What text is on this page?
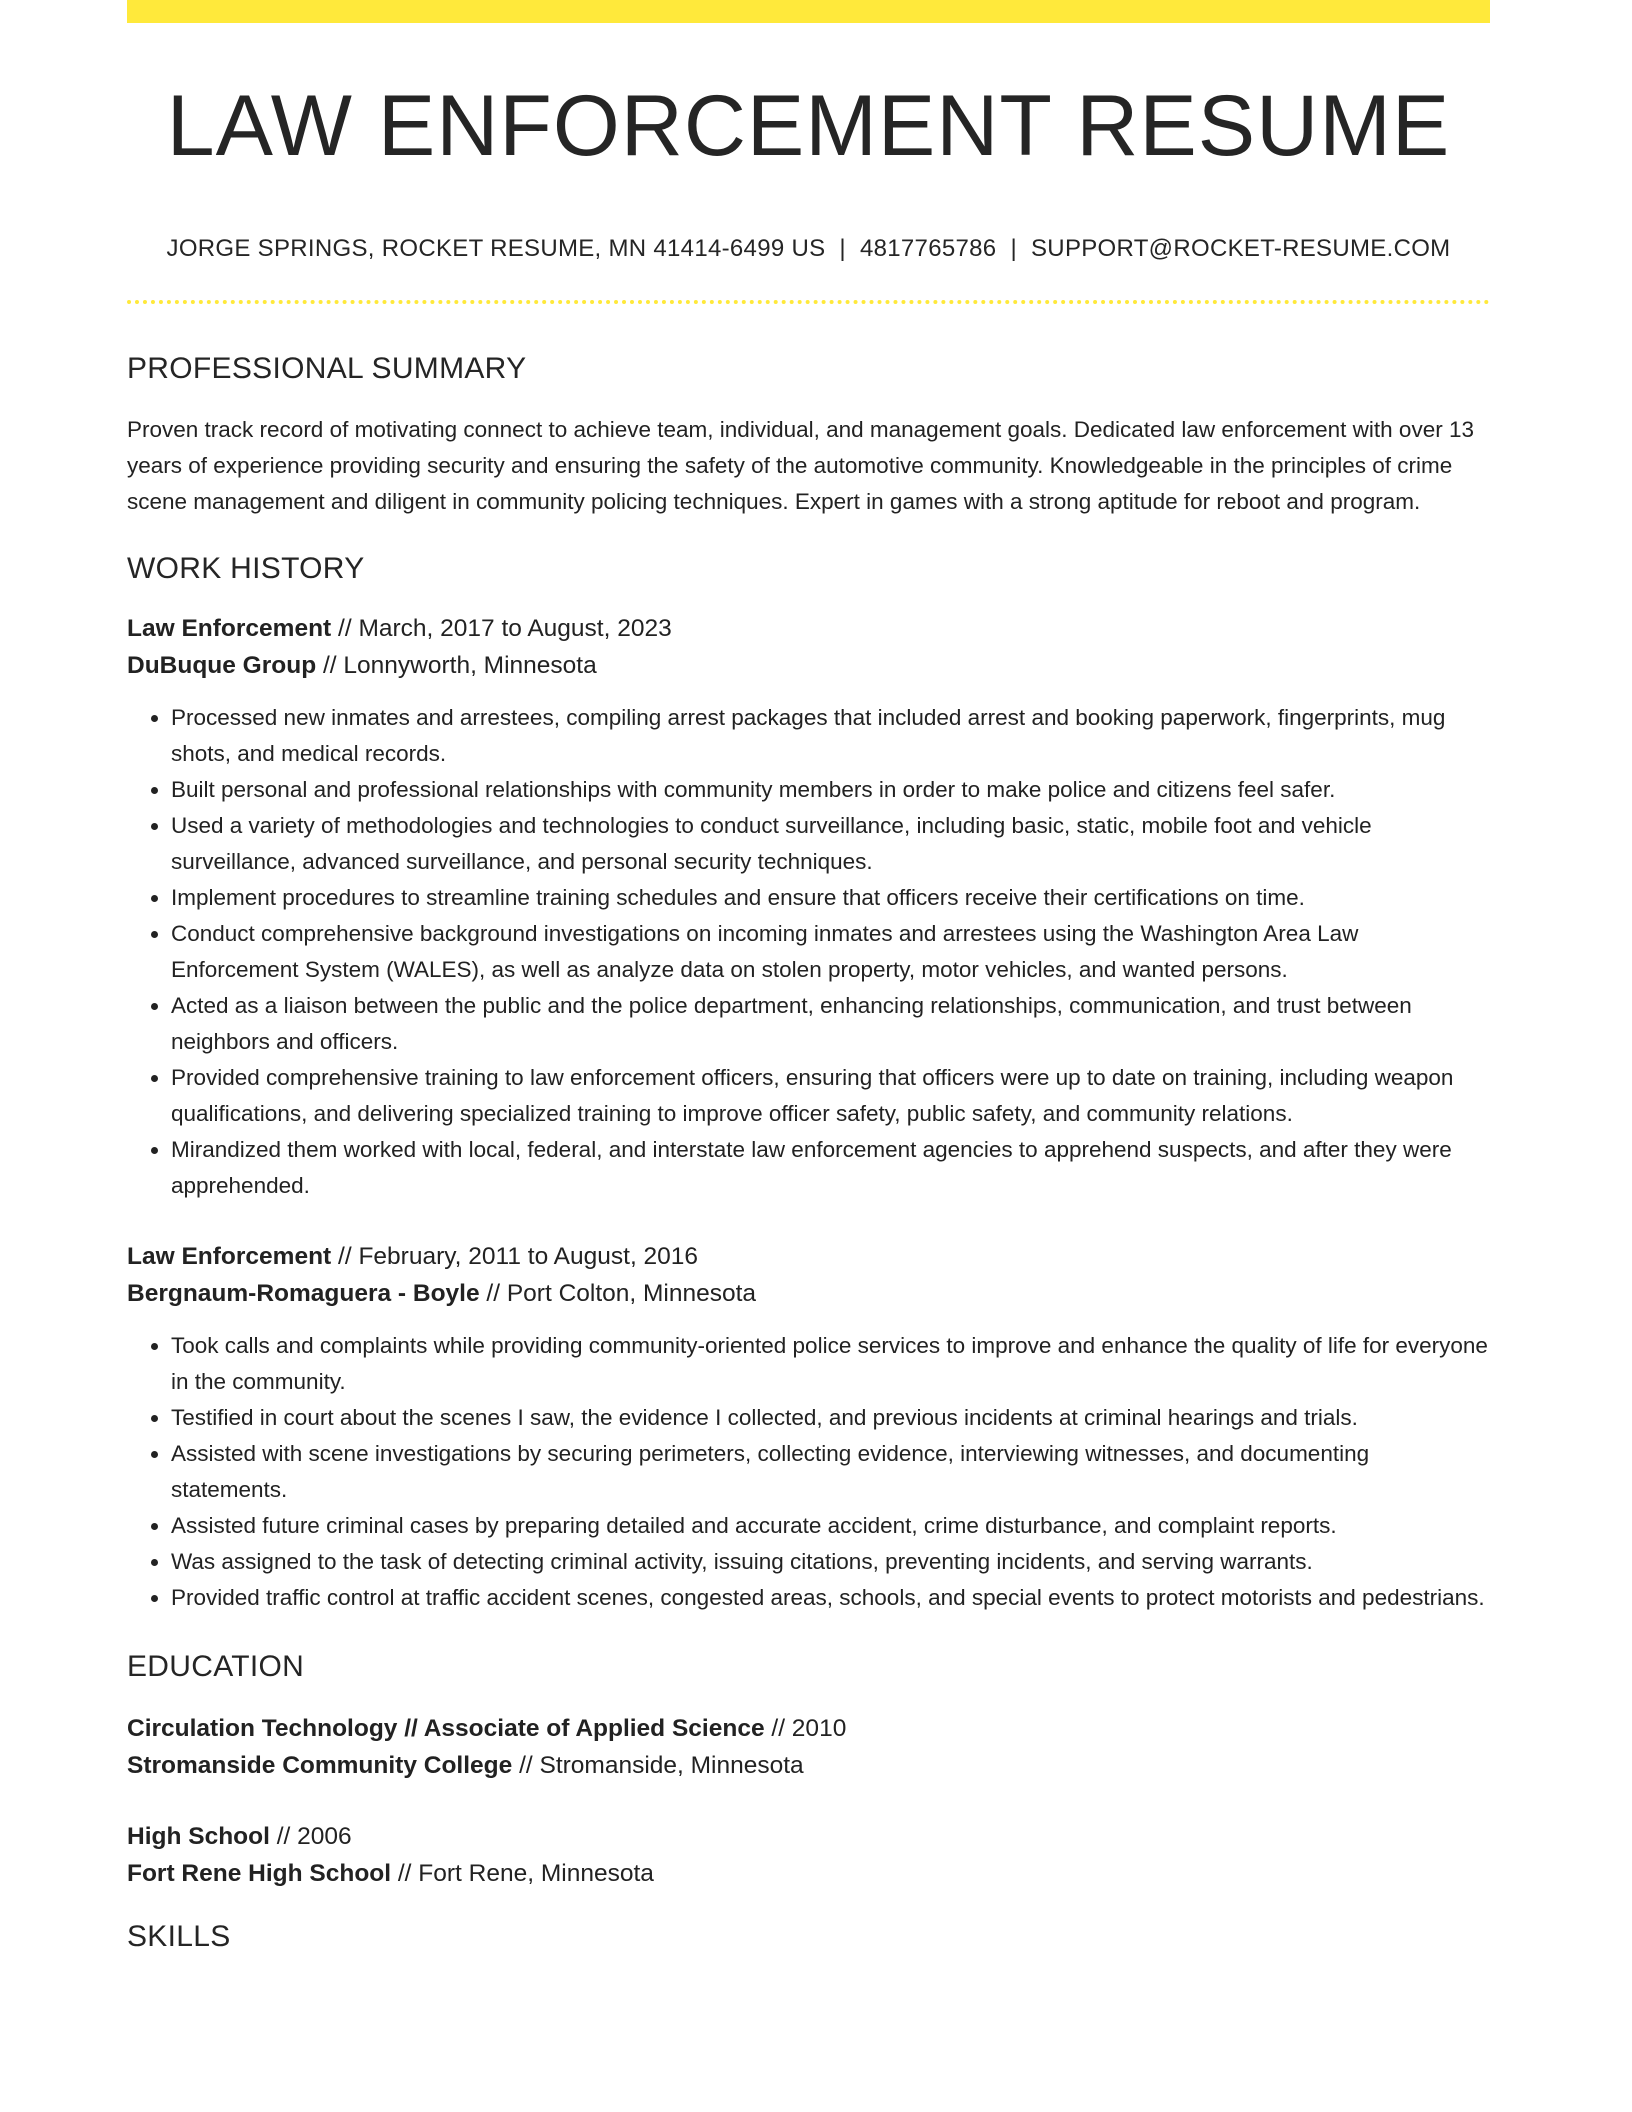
LAW ENFORCEMENT RESUME
JORGE SPRINGS, ROCKET RESUME, MN 41414-6499 US | 4817765786 | SUPPORT@ROCKET-RESUME.COM
PROFESSIONAL SUMMARY

Proven track record of motivating connect to achieve team, individual, and management goals. Dedicated law enforcement with over 13 years of experience providing security and ensuring the safety of the automotive community. Knowledgeable in the principles of crime scene management and diligent in community policing techniques. Expert in games with a strong aptitude for reboot and program.

WORK HISTORY
Law Enforcement // March, 2017 to August, 2023
DuBuque Group // Lonnyworth, Minnesota
• Processed new inmates and arrestees, compiling arrest packages that included arrest and booking paperwork, fingerprints, mug shots, and medical records.
• Built personal and professional relationships with community members in order to make police and citizens feel safer.
• Used a variety of methodologies and technologies to conduct surveillance, including basic, static, mobile foot and vehicle surveillance, advanced surveillance, and personal security techniques.
• Implement procedures to streamline training schedules and ensure that officers receive their certifications on time.
• Conduct comprehensive background investigations on incoming inmates and arrestees using the Washington Area Law Enforcement System (WALES), as well as analyze data on stolen property, motor vehicles, and wanted persons.
• Acted as a liaison between the public and the police department, enhancing relationships, communication, and trust between neighbors and officers.
• Provided comprehensive training to law enforcement officers, ensuring that officers were up to date on training, including weapon qualifications, and delivering specialized training to improve officer safety, public safety, and community relations.
• Mirandized them worked with local, federal, and interstate law enforcement agencies to apprehend suspects, and after they were apprehended.
Law Enforcement // February, 2011 to August, 2016
Bergnaum-Romaguera - Boyle // Port Colton, Minnesota
• Took calls and complaints while providing community-oriented police services to improve and enhance the quality of life for everyone in the community.
• Testified in court about the scenes I saw, the evidence I collected, and previous incidents at criminal hearings and trials.
• Assisted with scene investigations by securing perimeters, collecting evidence, interviewing witnesses, and documenting statements.
• Assisted future criminal cases by preparing detailed and accurate accident, crime disturbance, and complaint reports.
• Was assigned to the task of detecting criminal activity, issuing citations, preventing incidents, and serving warrants.
• Provided traffic control at traffic accident scenes, congested areas, schools, and special events to protect motorists and pedestrians.
EDUCATION
Circulation Technology // Associate of Applied Science // 2010
Stromanside Community College // Stromanside, Minnesota
High School // 2006
Fort Rene High School // Fort Rene, Minnesota
SKILLS
